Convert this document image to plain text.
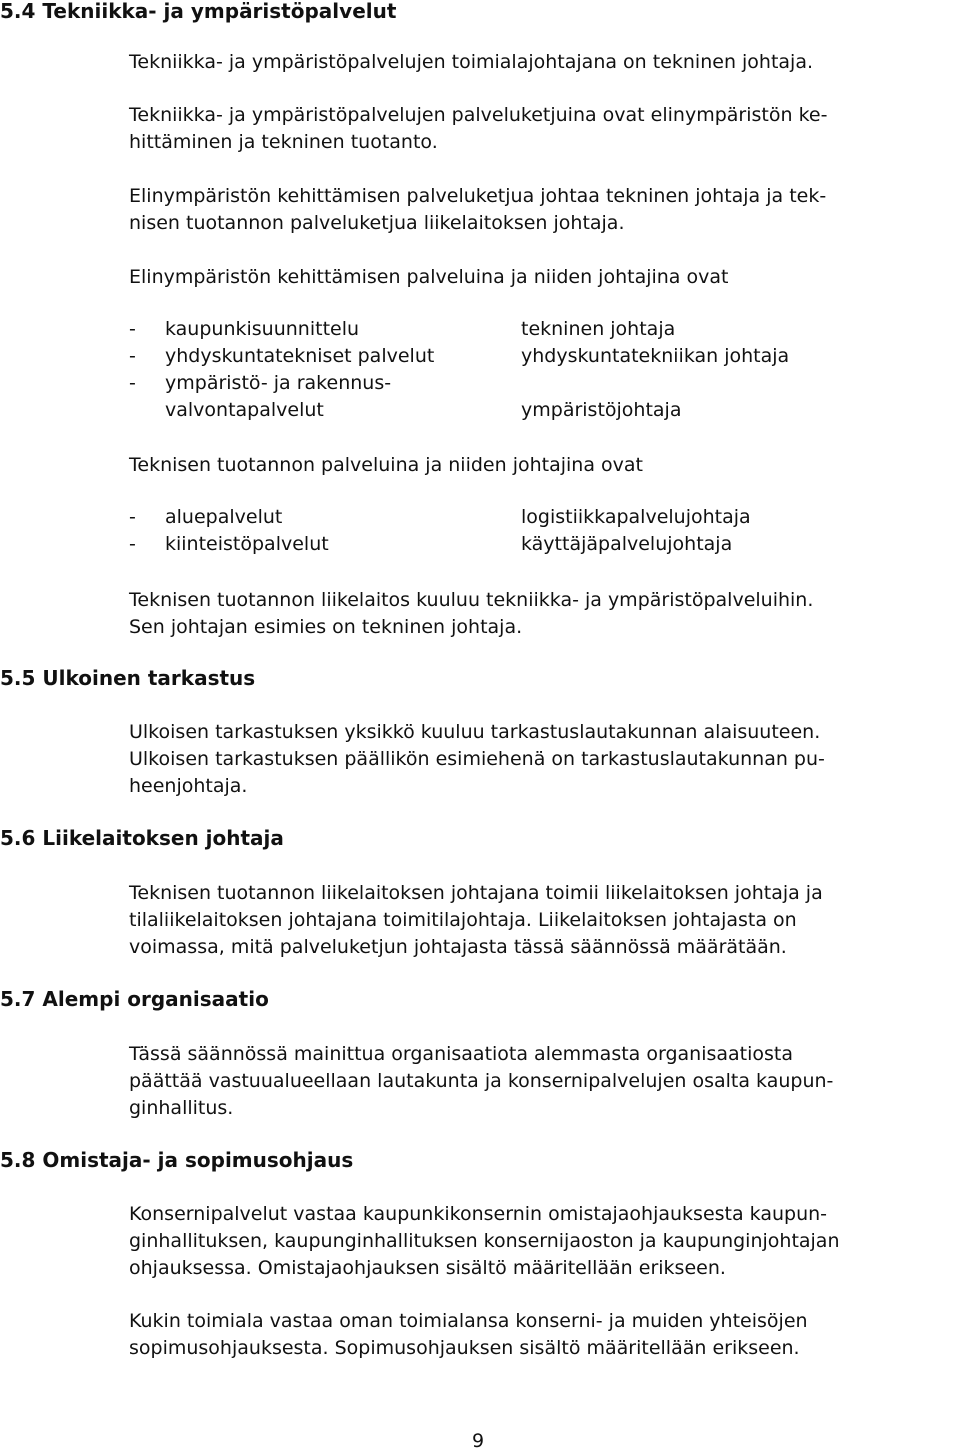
5.4 Tekniikka- ja ympäristöpalvelut

Tekniikka- ja ympäristöpalvelujen toimialajohtajana on tekninen johtaja.

Tekniikka- ja ympäristöpalvelujen palveluketjuina ovat elinympäristön ke-

hittäminen ja tekninen tuotanto.

Elinympäristön kehittämisen palveluketjua johtaa tekninen johtaja ja tek-

nisen tuotannon palveluketjua liikelaitoksen johtaja.

Elinympäristön kehittämisen palveluina ja niiden johtajina ovat

- kaupunkisuunnittelu	tekninen johtaja
- yhdyskuntatekniset palvelut	yhdyskuntatekniikan johtaja
- ympäristö- ja rakennus-
valvontapalvelut	ympäristöjohtaja

Teknisen tuotannon palveluina ja niiden johtajina ovat

- aluepalvelut	logistiikkapalvelujohtaja
- kiinteistöpalvelut	käyttäjäpalvelujohtaja

Teknisen tuotannon liikelaitos kuuluu tekniikka- ja ympäristöpalveluihin.

Sen johtajan esimies on tekninen johtaja.

5.5 Ulkoinen tarkastus

Ulkoisen tarkastuksen yksikkö kuuluu tarkastuslautakunnan alaisuuteen.

Ulkoisen tarkastuksen päällikön esimiehenä on tarkastuslautakunnan pu-

heenjohtaja.

5.6 Liikelaitoksen johtaja

Teknisen tuotannon liikelaitoksen johtajana toimii liikelaitoksen johtaja ja

tilaliikelaitoksen johtajana toimitilajohtaja. Liikelaitoksen johtajasta on

voimassa, mitä palveluketjun johtajasta tässä säännössä määrätään.

5.7 Alempi organisaatio

Tässä säännössä mainittua organisaatiota alemmasta organisaatiosta

päättää vastuualueellaan lautakunta ja konsernipalvelujen osalta kaupun-

ginhallitus.

5.8 Omistaja- ja sopimusohjaus

Konsernipalvelut vastaa kaupunkikonsernin omistajaohjauksesta kaupun-

ginhallituksen, kaupunginhallituksen konsernijaoston ja kaupunginjohtajan

ohjauksessa. Omistajaohjauksen sisältö määritellään erikseen.

Kukin toimiala vastaa oman toimialansa konserni- ja muiden yhteisöjen

sopimusohjauksesta. Sopimusohjauksen sisältö määritellään erikseen.

9
